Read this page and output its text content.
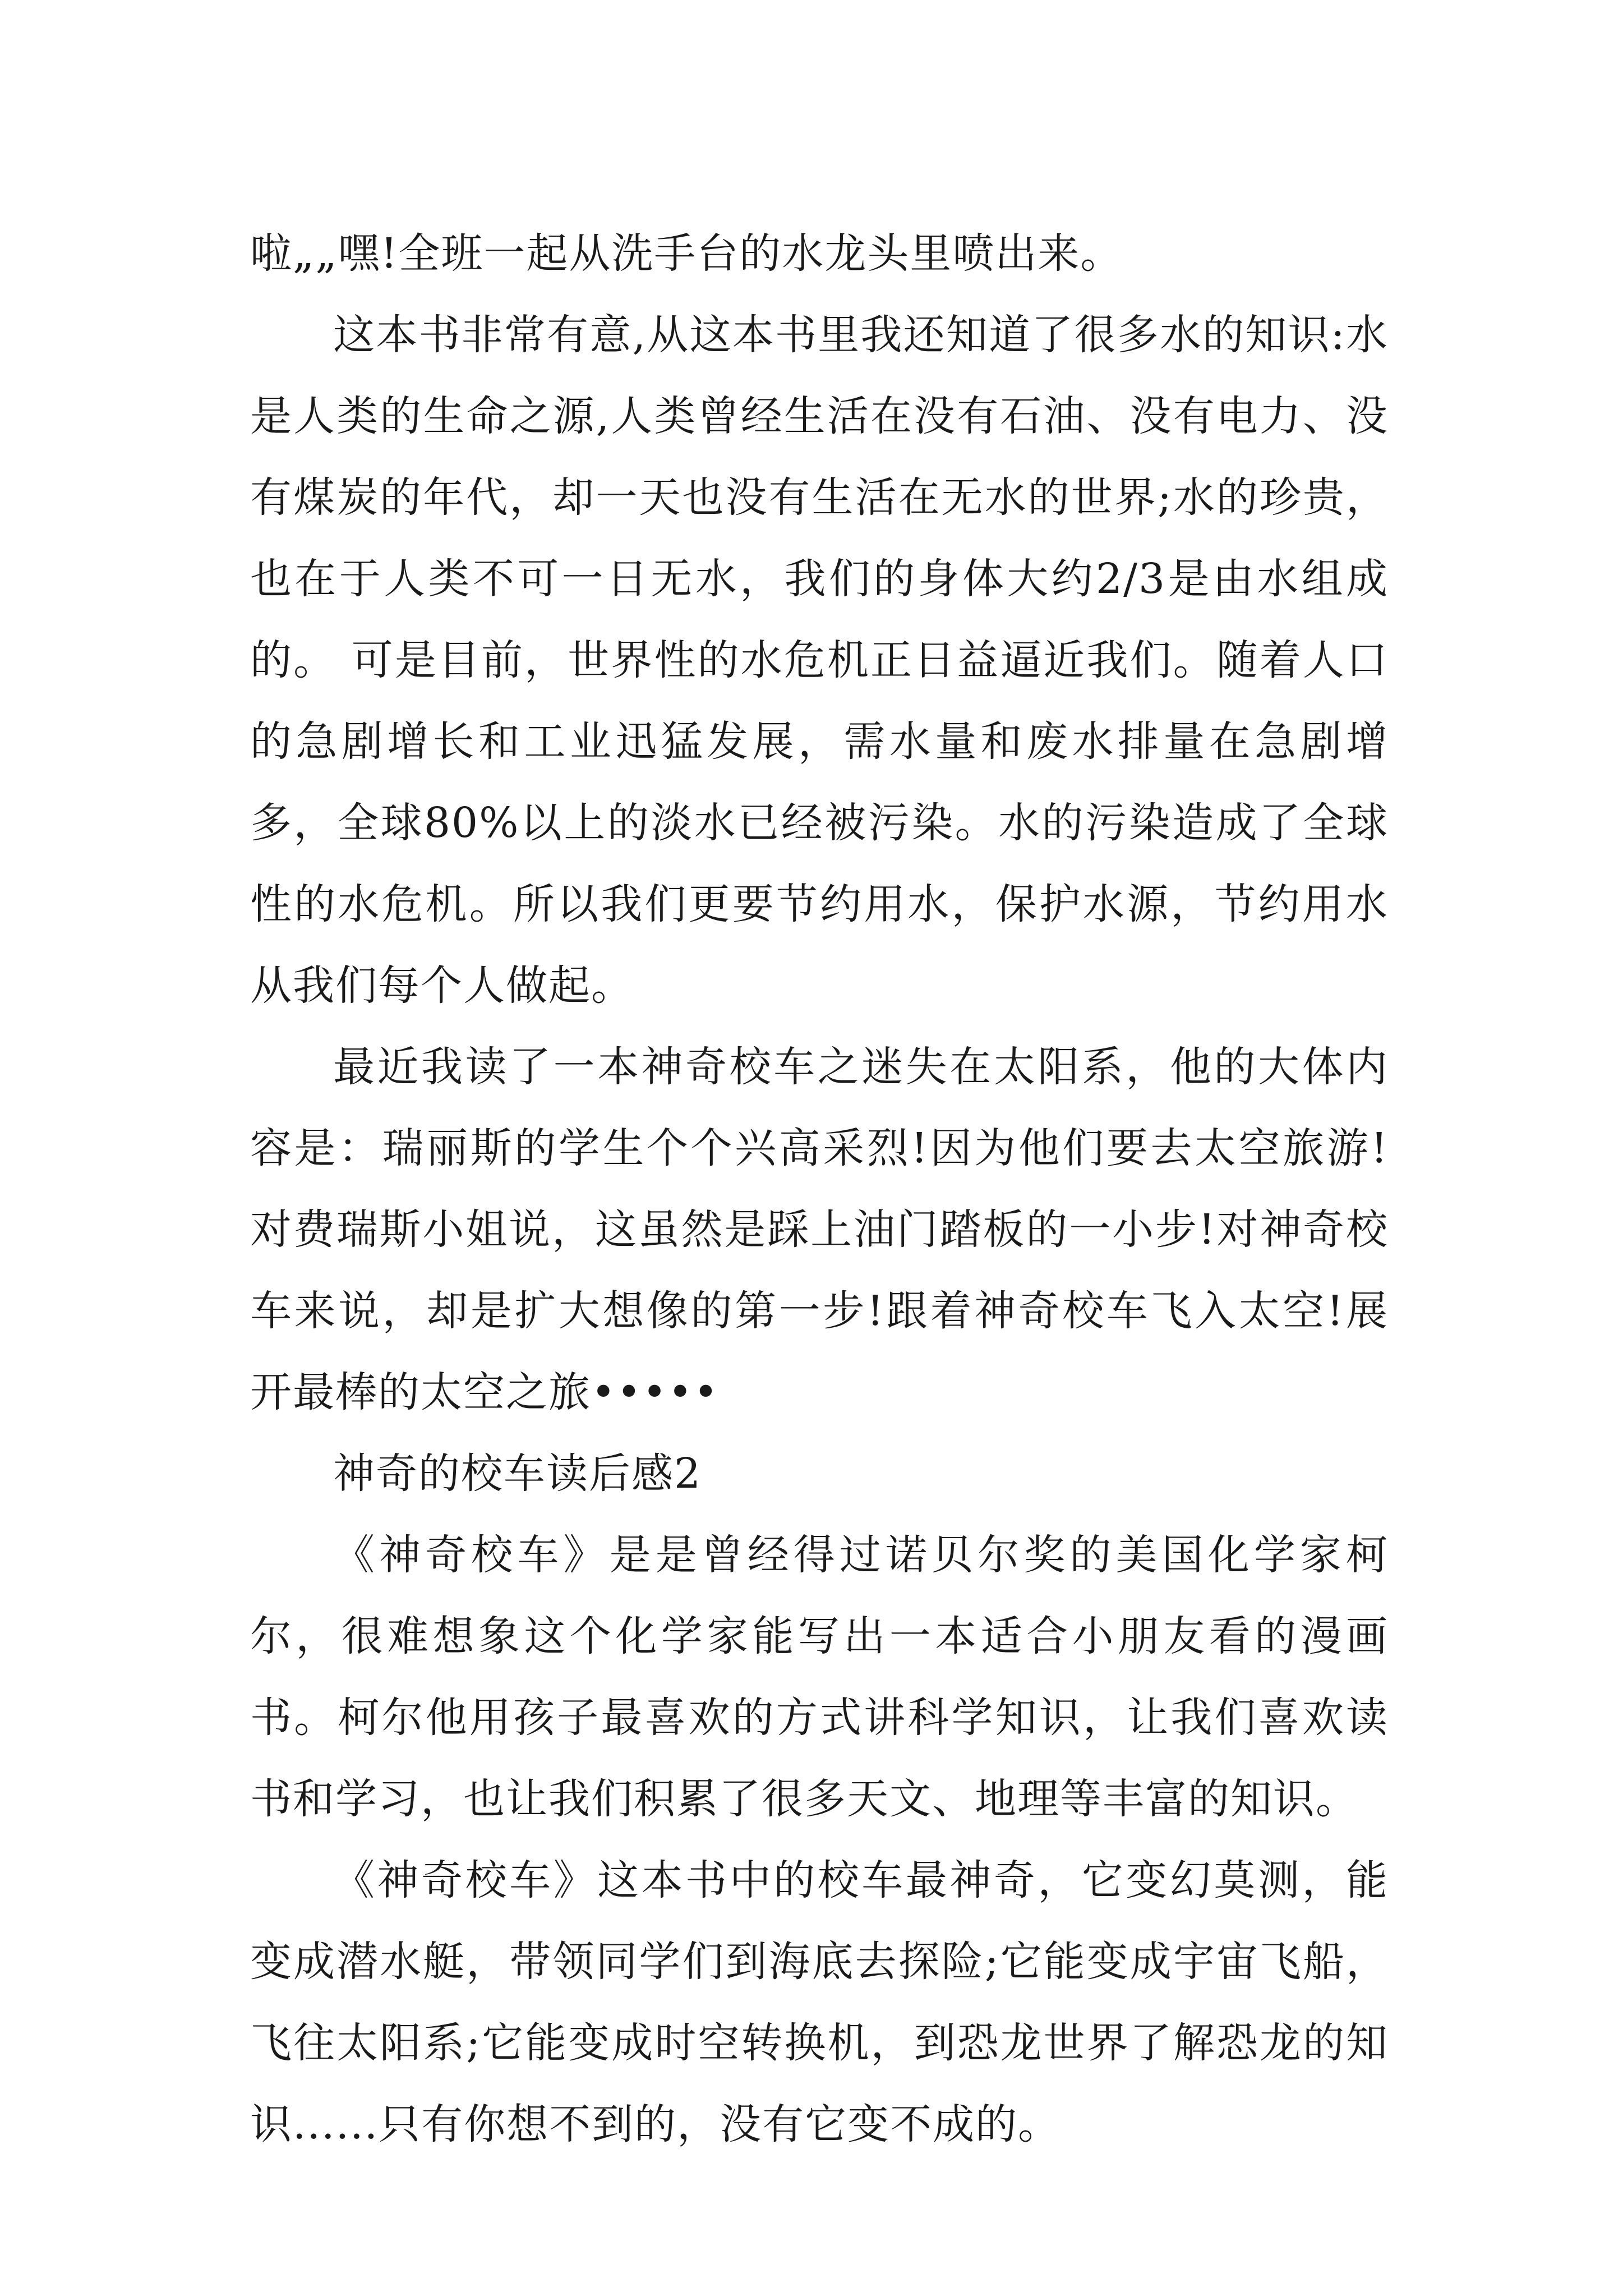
啦„„嘿!全班一起从洗手台的水龙头里喷出来。

这本书非常有意,从这本书里我还知道了很多水的知识:水是人类的生命之源,人类曾经生活在没有石油、没有电力、没有煤炭的年代，却一天也没有生活在无水的世界;水的珍贵，也在于人类不可一日无水，我们的身体大约2/3是由水组成的。 可是目前，世界性的水危机正日益逼近我们。随着人口的急剧增长和工业迅猛发展，需水量和废水排量在急剧增多，全球80%以上的淡水已经被污染。水的污染造成了全球性的水危机。所以我们更要节约用水，保护水源，节约用水从我们每个人做起。

最近我读了一本神奇校车之迷失在太阳系，他的大体内容是：瑞丽斯的学生个个兴高采烈!因为他们要去太空旅游!对费瑞斯小姐说，这虽然是踩上油门踏板的一小步!对神奇校车来说，却是扩大想像的第一步!跟着神奇校车飞入太空!展开最棒的太空之旅•••••

神奇的校车读后感2

《神奇校车》是是曾经得过诺贝尔奖的美国化学家柯尔，很难想象这个化学家能写出一本适合小朋友看的漫画书。柯尔他用孩子最喜欢的方式讲科学知识，让我们喜欢读书和学习，也让我们积累了很多天文、地理等丰富的知识。

《神奇校车》这本书中的校车最神奇，它变幻莫测，能变成潜水艇，带领同学们到海底去探险;它能变成宇宙飞船，飞往太阳系;它能变成时空转换机，到恐龙世界了解恐龙的知识......只有你想不到的，没有它变不成的。
